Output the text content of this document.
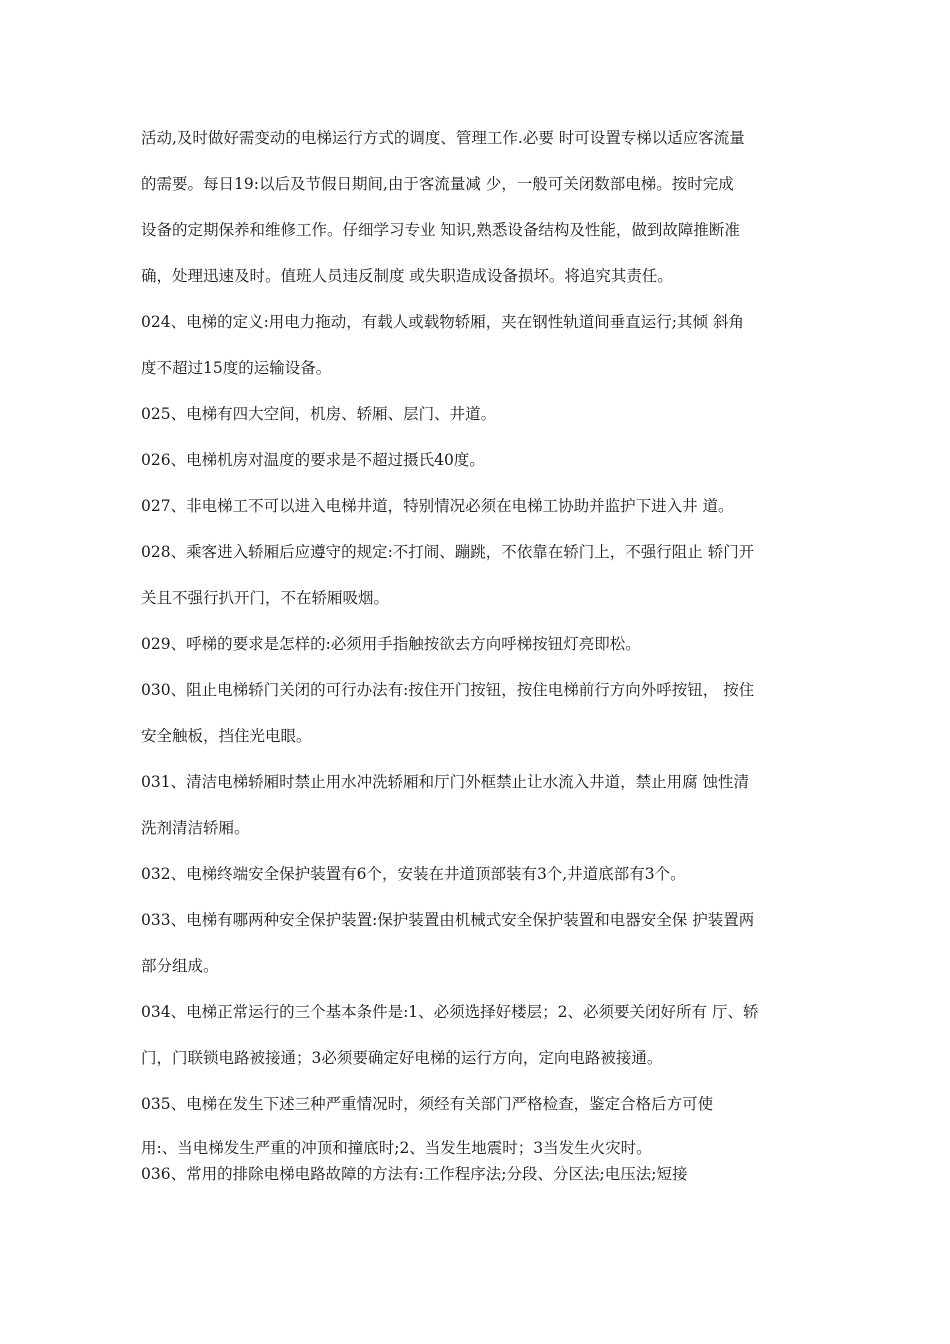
活动,及时做好需变动的电梯运行方式的调度、管理工作.必要 时可设置专梯以适应客流量
的需要。每日19:以后及节假日期间,由于客流量减 少，一般可关闭数部电梯。按时完成
设备的定期保养和维修工作。仔细学习专业 知识,熟悉设备结构及性能，做到故障推断准
确，处理迅速及时。值班人员违反制度 或失职造成设备损坏。将追究其责任。
024、电梯的定义:用电力拖动，有载人或载物轿厢，夹在钢性轨道间垂直运行;其倾 斜角
度不超过15度的运输设备。
025、电梯有四大空间，机房、轿厢、层门、井道。
026、电梯机房对温度的要求是不超过摄氏40度。
027、非电梯工不可以进入电梯井道，特别情况必须在电梯工协助并监护下进入井 道。
028、乘客进入轿厢后应遵守的规定:不打闹、蹦跳，不依靠在轿门上，不强行阻止 轿门开
关且不强行扒开门，不在轿厢吸烟。
029、呼梯的要求是怎样的:必须用手指触按欲去方向呼梯按钮灯亮即松。
030、阻止电梯轿门关闭的可行办法有:按住开门按钮，按住电梯前行方向外呼按钮， 按住
安全触板，挡住光电眼。
031、清洁电梯轿厢时禁止用水冲洗轿厢和厅门外框禁止让水流入井道，禁止用腐 蚀性清
洗剂清洁轿厢。
032、电梯终端安全保护装置有6个，安装在井道顶部装有3个,井道底部有3个。
033、电梯有哪两种安全保护装置:保护装置由机械式安全保护装置和电器安全保 护装置两
部分组成。
034、电梯正常运行的三个基本条件是:1、必须选择好楼层；2、必须要关闭好所有 厅、轿
门，门联锁电路被接通；3必须要确定好电梯的运行方向，定向电路被接通。
035、电梯在发生下述三种严重情况时，须经有关部门严格检查，鉴定合格后方可使
用:、当电梯发生严重的冲顶和撞底时;2、当发生地震时；3当发生火灾时。
036、常用的排除电梯电路故障的方法有:工作程序法;分段、分区法;电压法;短接
